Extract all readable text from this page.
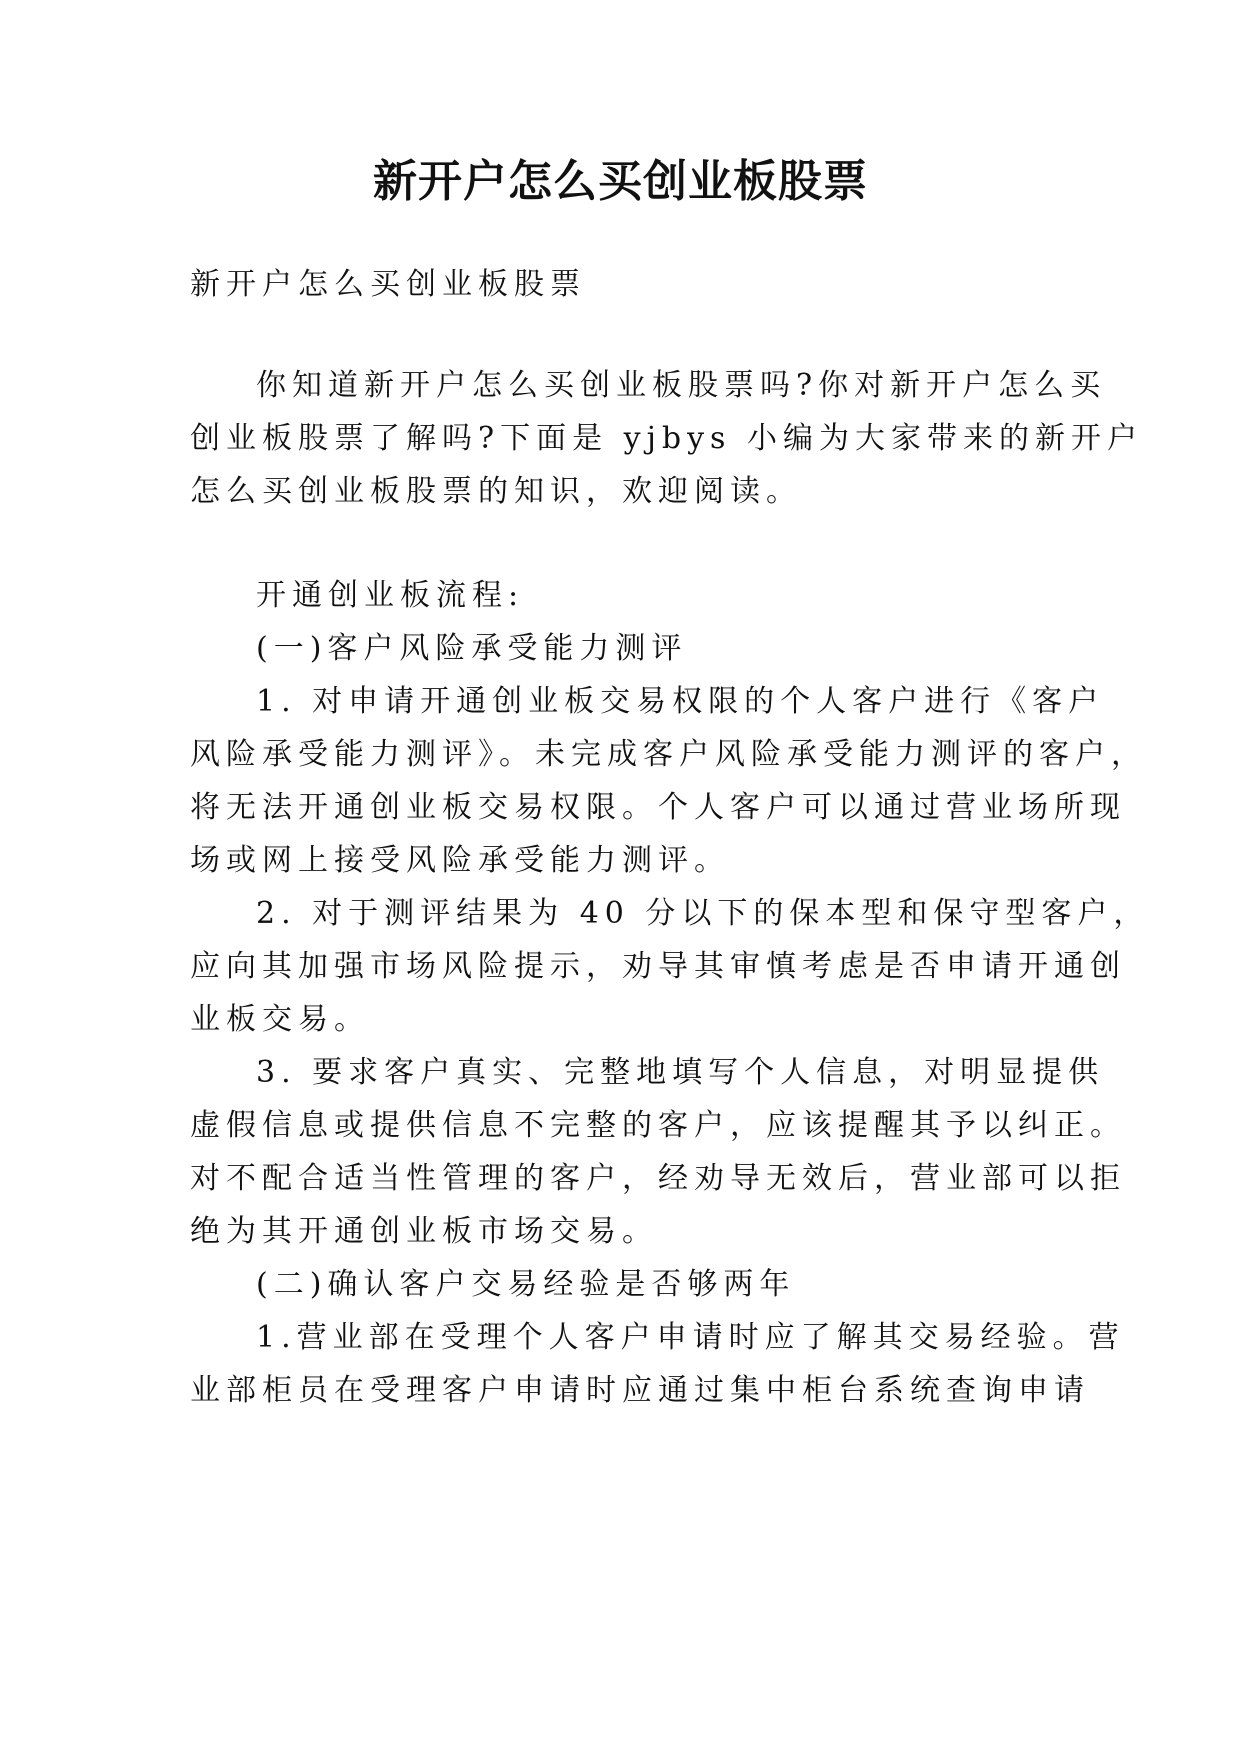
新开户怎么买创业板股票

新开户怎么买创业板股票

你知道新开户怎么买创业板股票吗?你对新开户怎么买

创业板股票了解吗?下面是 yjbys 小编为大家带来的新开户

怎么买创业板股票的知识，欢迎阅读。

开通创业板流程:

(一)客户风险承受能力测评

1. 对申请开通创业板交易权限的个人客户进行《客户

风险承受能力测评》。未完成客户风险承受能力测评的客户，

将无法开通创业板交易权限。个人客户可以通过营业场所现

场或网上接受风险承受能力测评。

2. 对于测评结果为 40 分以下的保本型和保守型客户，

应向其加强市场风险提示，劝导其审慎考虑是否申请开通创

业板交易。

3. 要求客户真实、完整地填写个人信息，对明显提供

虚假信息或提供信息不完整的客户，应该提醒其予以纠正。

对不配合适当性管理的客户，经劝导无效后，营业部可以拒

绝为其开通创业板市场交易。

(二)确认客户交易经验是否够两年

1.营业部在受理个人客户申请时应了解其交易经验。营

业部柜员在受理客户申请时应通过集中柜台系统查询申请
